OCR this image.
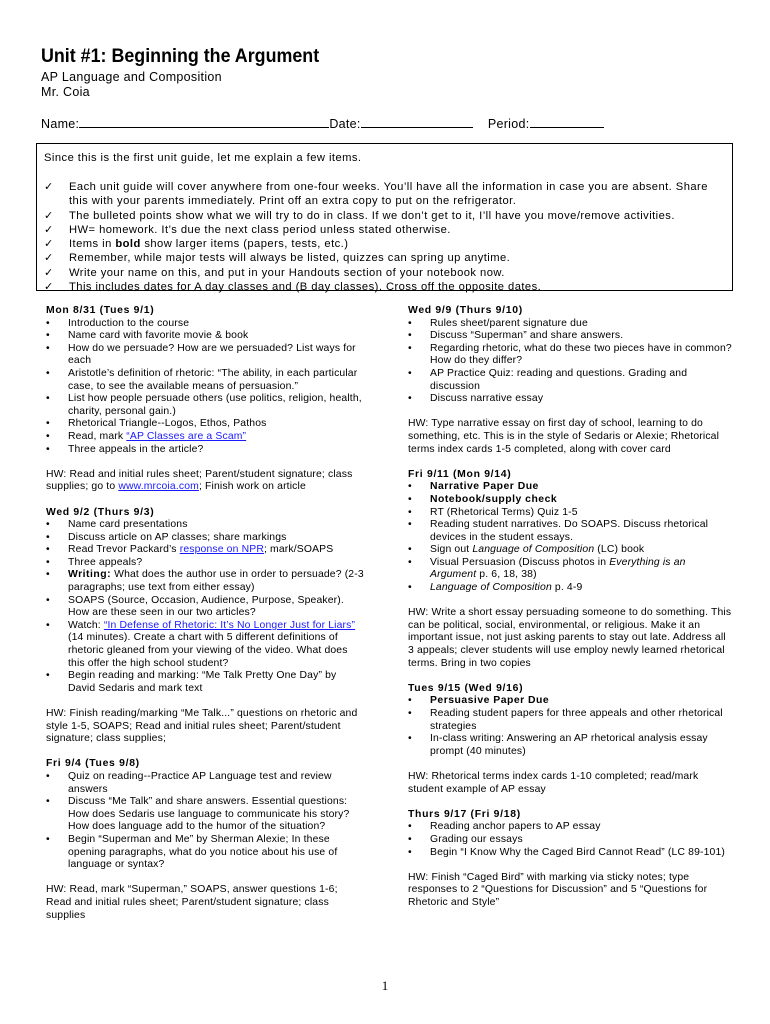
Unit #1: Beginning the Argument
AP Language and Composition
Mr. Coia
Name:	Date:	Period:
Since this is the first unit guide, let me explain a few items.
✓ Each unit guide will cover anywhere from one-four weeks. You’ll have all the information in case you are absent. Share this with your parents immediately. Print off an extra copy to put on the refrigerator.
✓ The bulleted points show what we will try to do in class. If we don’t get to it, I’ll have you move/remove activities.
✓ HW= homework. It’s due the next class period unless stated otherwise.
✓ Items in bold show larger items (papers, tests, etc.)
✓ Remember, while major tests will always be listed, quizzes can spring up anytime.
✓ Write your name on this, and put in your Handouts section of your notebook now.
✓ This includes dates for A day classes and (B day classes). Cross off the opposite dates.
Mon 8/31 (Tues 9/1)
• Introduction to the course
• Name card with favorite movie & book
• How do we persuade? How are we persuaded? List ways for each
• Aristotle’s definition of rhetoric: “The ability, in each particular case, to see the available means of persuasion.”
• List how people persuade others (use politics, religion, health, charity, personal gain.)
• Rhetorical Triangle--Logos, Ethos, Pathos
• Read, mark “AP Classes are a Scam”
• Three appeals in the article?
HW: Read and initial rules sheet; Parent/student signature; class supplies; go to www.mrcoia.com; Finish work on article
Wed 9/2 (Thurs 9/3)
• Name card presentations
• Discuss article on AP classes; share markings
• Read Trevor Packard’s response on NPR; mark/SOAPS
• Three appeals?
• Writing: What does the author use in order to persuade? (2-3 paragraphs; use text from either essay)
• SOAPS (Source, Occasion, Audience, Purpose, Speaker). How are these seen in our two articles?
• Watch: “In Defense of Rhetoric: It’s No Longer Just for Liars” (14 minutes). Create a chart with 5 different definitions of rhetoric gleaned from your viewing of the video. What does this offer the high school student?
• Begin reading and marking: “Me Talk Pretty One Day” by David Sedaris and mark text
HW: Finish reading/marking “Me Talk...” questions on rhetoric and style 1-5, SOAPS; Read and initial rules sheet; Parent/student signature; class supplies;
Fri 9/4 (Tues 9/8)
• Quiz on reading--Practice AP Language test and review answers
• Discuss “Me Talk” and share answers. Essential questions: How does Sedaris use language to communicate his story? How does language add to the humor of the situation?
• Begin “Superman and Me” by Sherman Alexie; In these opening paragraphs, what do you notice about his use of language or syntax?
HW: Read, mark “Superman,” SOAPS, answer questions 1-6; Read and initial rules sheet; Parent/student signature; class supplies
Wed 9/9 (Thurs 9/10)
• Rules sheet/parent signature due
• Discuss “Superman” and share answers.
• Regarding rhetoric, what do these two pieces have in common? How do they differ?
• AP Practice Quiz: reading and questions. Grading and discussion
• Discuss narrative essay
HW: Type narrative essay on first day of school, learning to do something, etc. This is in the style of Sedaris or Alexie; Rhetorical terms index cards 1-5 completed, along with cover card
Fri 9/11 (Mon 9/14)
• Narrative Paper Due
• Notebook/supply check
• RT (Rhetorical Terms) Quiz 1-5
• Reading student narratives. Do SOAPS. Discuss rhetorical devices in the student essays.
• Sign out Language of Composition (LC) book
• Visual Persuasion (Discuss photos in Everything is an Argument p. 6, 18, 38)
• Language of Composition p. 4-9
HW: Write a short essay persuading someone to do something. This can be political, social, environmental, or religious. Make it an important issue, not just asking parents to stay out late. Address all 3 appeals; clever students will use employ newly learned rhetorical terms. Bring in two copies
Tues 9/15 (Wed 9/16)
• Persuasive Paper Due
• Reading student papers for three appeals and other rhetorical strategies
• In-class writing: Answering an AP rhetorical analysis essay prompt (40 minutes)
HW: Rhetorical terms index cards 1-10 completed; read/mark student example of AP essay
Thurs 9/17 (Fri 9/18)
• Reading anchor papers to AP essay
• Grading our essays
• Begin “I Know Why the Caged Bird Cannot Read” (LC 89-101)
HW: Finish “Caged Bird” with marking via sticky notes; type responses to 2 “Questions for Discussion” and 5 “Questions for Rhetoric and Style”
1
